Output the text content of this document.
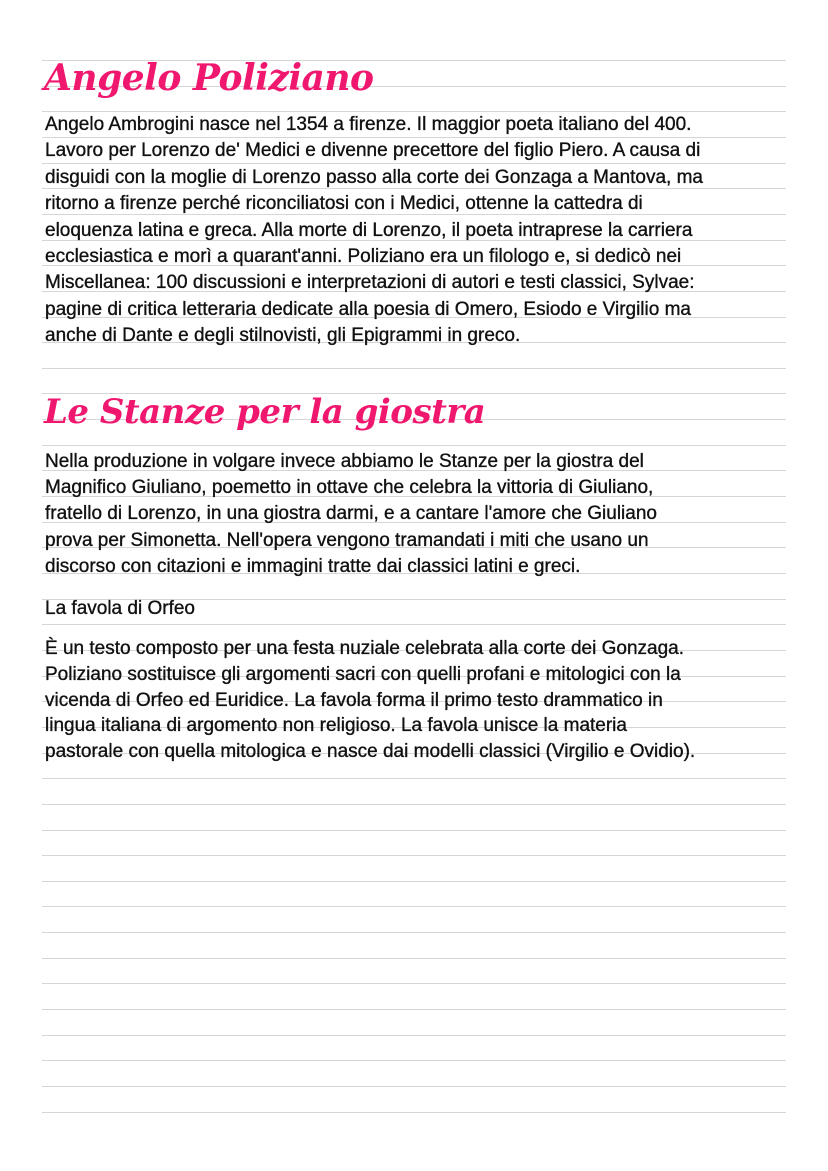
Angelo Poliziano
Angelo Ambrogini nasce nel 1354 a firenze. Il maggior poeta italiano del 400.
Lavoro per Lorenzo de' Medici e divenne precettore del figlio Piero. A causa di
disguidi con la moglie di Lorenzo passo alla corte dei Gonzaga a Mantova, ma
ritorno a firenze perché riconciliatosi con i Medici, ottenne la cattedra di
eloquenza latina e greca. Alla morte di Lorenzo, il poeta intraprese la carriera
ecclesiastica e morì a quarant'anni. Poliziano era un filologo e, si dedicò nei
Miscellanea: 100 discussioni e interpretazioni di autori e testi classici, Sylvae:
pagine di critica letteraria dedicate alla poesia di Omero, Esiodo e Virgilio ma
anche di Dante e degli stilnovisti, gli Epigrammi in greco.
Le Stanze per la giostra
Nella produzione in volgare invece abbiamo le Stanze per la giostra del
Magnifico Giuliano, poemetto in ottave che celebra la vittoria di Giuliano,
fratello di Lorenzo, in una giostra darmi, e a cantare l'amore che Giuliano
prova per Simonetta. Nell'opera vengono tramandati i miti che usano un
discorso con citazioni e immagini tratte dai classici latini e greci.
La favola di Orfeo
È un testo composto per una festa nuziale celebrata alla corte dei Gonzaga.
Poliziano sostituisce gli argomenti sacri con quelli profani e mitologici con la
vicenda di Orfeo ed Euridice. La favola forma il primo testo drammatico in
lingua italiana di argomento non religioso. La favola unisce la materia
pastorale con quella mitologica e nasce dai modelli classici (Virgilio e Ovidio).
